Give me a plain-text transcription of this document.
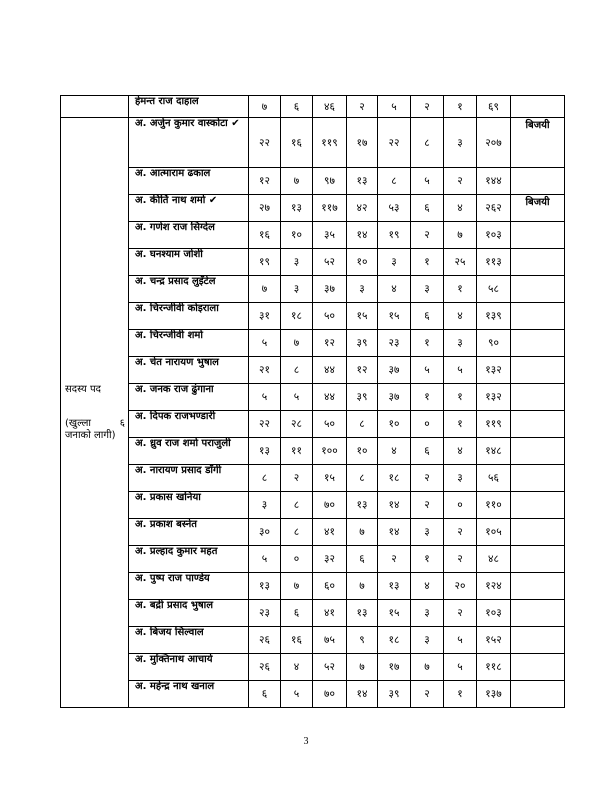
	हेमन्त राज दाहाल	७	६	४६	२	५	२	१	६९	

सदस्य पद
(खुल्ला ६
जनाको लागी)	अ. अर्जुन कुमार वास्कोटा ✔	२२	१६	११९	१७	२२	८	३	२०७	बिजयी
	अ. आत्माराम ढकाल	१२	७	९७	१३	८	५	२	१४४	
	अ. कीर्ति नाथ शर्मा ✔	२७	१३	११७	४२	५३	६	४	२६२	बिजयी
	अ. गणेश राज सिग्देल	१६	१०	३५	१४	१९	२	७	१०३	
	अ. घनश्याम जोशी	१९	३	५२	१०	३	१	२५	११३	
	अ. चन्द्र प्रसाद लुइँटेल	७	३	३७	३	४	३	१	५८	
	अ. चिरन्जीवी कोइराला	३१	१८	५०	१५	१५	६	४	१३९	
	अ. चिरन्जीवी शर्मा	५	७	१२	३९	२३	१	३	९०	
	अ. चेत नारायण भुषाल	२१	८	४४	१२	३७	५	५	१३२	
	अ. जनक राज ढुंगाना	५	५	४४	३९	३७	१	१	१३२	
	अ. दिपक राजभण्डारी	२२	२८	५०	८	१०	०	१	११९	
	अ. ध्रुव राज शर्मा पराजुली	१३	११	१००	१०	४	६	४	१४८	
	अ. नारायण प्रसाद डाँगी	८	२	१५	८	१८	२	३	५६	
	अ. प्रकास खनिया	३	८	७०	१३	१४	२	०	११०	
	अ. प्रकाश बस्नेत	३०	८	४१	७	१४	३	२	१०५	
	अ. प्रल्हाद कुमार महत	५	०	३२	६	२	१	२	४८	
	अ. पुष्प राज पाण्डेय	१३	७	६०	७	१३	४	२०	१२४	
	अ. बद्री प्रसाद भुषाल	२३	६	४१	१३	१५	३	२	१०३	
	अ. बिजय सिल्वाल	२६	१६	७५	९	१८	३	५	१५२	
	अ. मुक्तिनाथ आचार्य	२६	४	५२	७	१७	७	५	११८	
	अ. महेन्द्र नाथ खनाल	६	५	७०	१४	३९	२	१	१३७	
3
